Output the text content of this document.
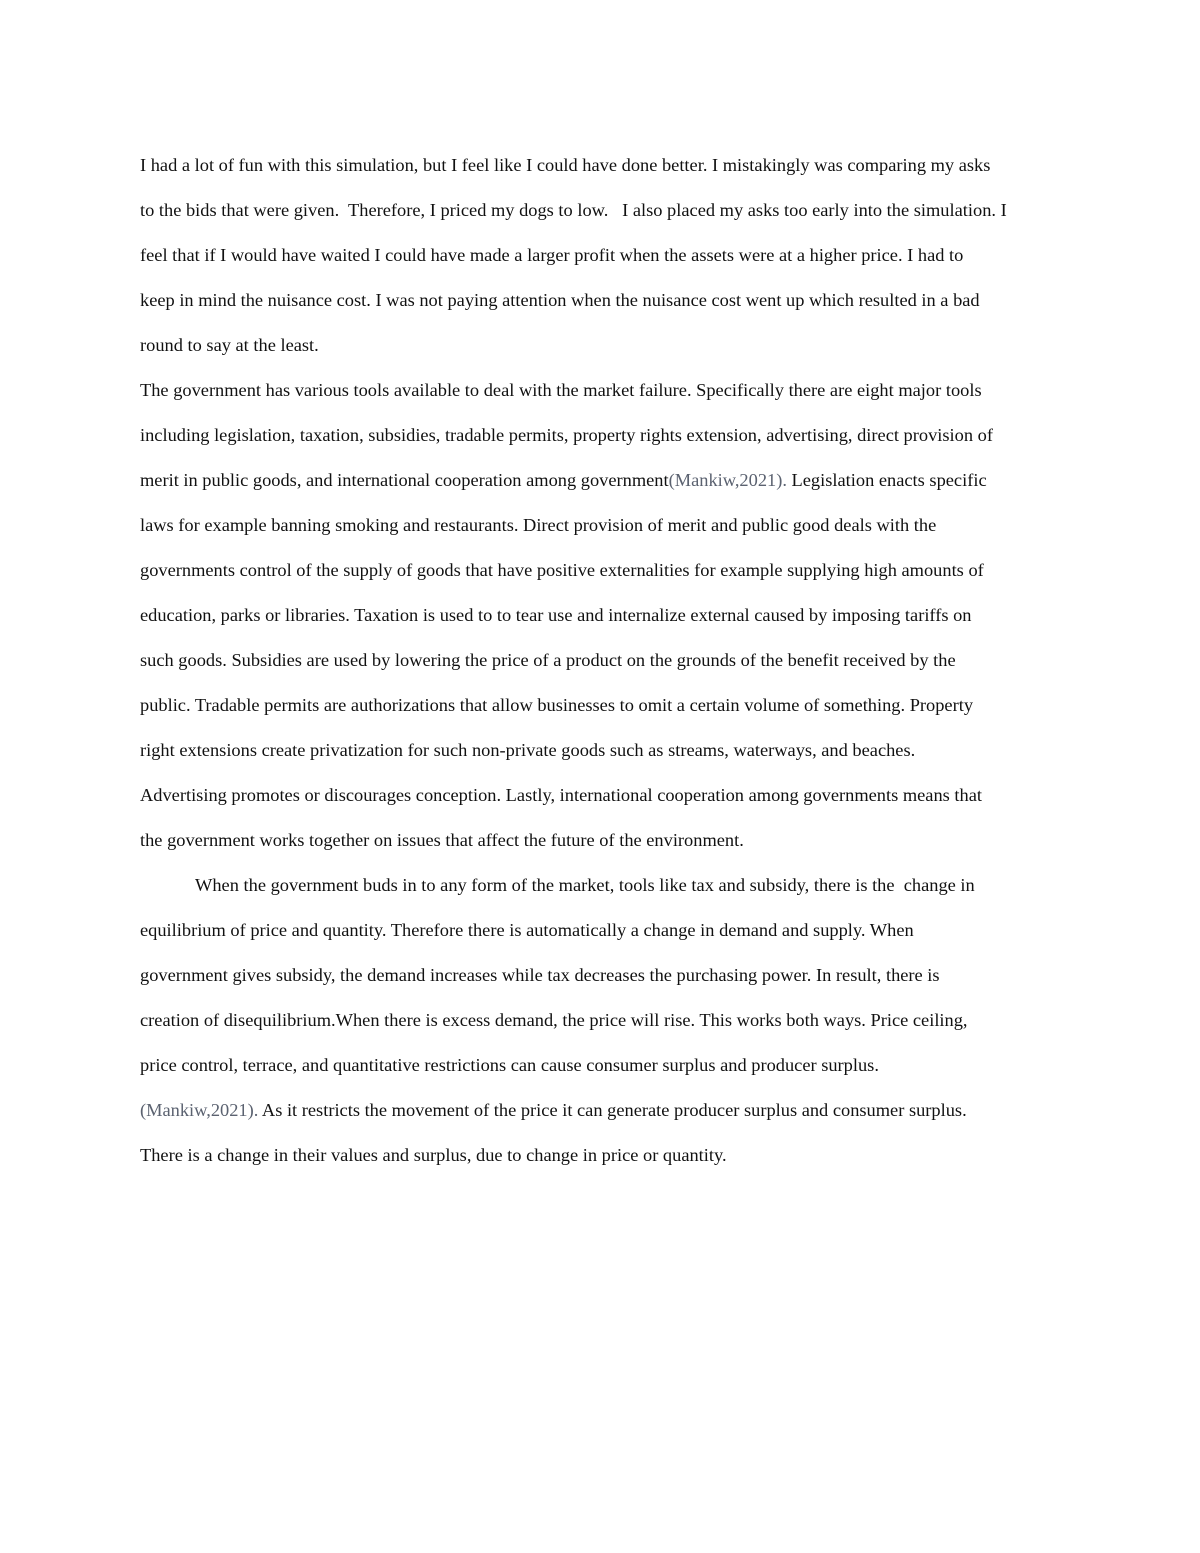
I had a lot of fun with this simulation, but I feel like I could have done better. I mistakingly was comparing my asks
to the bids that were given.  Therefore, I priced my dogs to low.   I also placed my asks too early into the simulation. I
feel that if I would have waited I could have made a larger profit when the assets were at a higher price. I had to
keep in mind the nuisance cost. I was not paying attention when the nuisance cost went up which resulted in a bad
round to say at the least.
The government has various tools available to deal with the market failure. Specifically there are eight major tools
including legislation, taxation, subsidies, tradable permits, property rights extension, advertising, direct provision of
merit in public goods, and international cooperation among government(Mankiw,2021). Legislation enacts specific
laws for example banning smoking and restaurants. Direct provision of merit and public good deals with the
governments control of the supply of goods that have positive externalities for example supplying high amounts of
education, parks or libraries. Taxation is used to to tear use and internalize external caused by imposing tariffs on
such goods. Subsidies are used by lowering the price of a product on the grounds of the benefit received by the
public. Tradable permits are authorizations that allow businesses to omit a certain volume of something. Property
right extensions create privatization for such non-private goods such as streams, waterways, and beaches.
Advertising promotes or discourages conception. Lastly, international cooperation among governments means that
the government works together on issues that affect the future of the environment.
When the government buds in to any form of the market, tools like tax and subsidy, there is the  change in
equilibrium of price and quantity. Therefore there is automatically a change in demand and supply. When
government gives subsidy, the demand increases while tax decreases the purchasing power. In result, there is
creation of disequilibrium.When there is excess demand, the price will rise. This works both ways. Price ceiling,
price control, terrace, and quantitative restrictions can cause consumer surplus and producer surplus.
(Mankiw,2021). As it restricts the movement of the price it can generate producer surplus and consumer surplus.
There is a change in their values and surplus, due to change in price or quantity.
